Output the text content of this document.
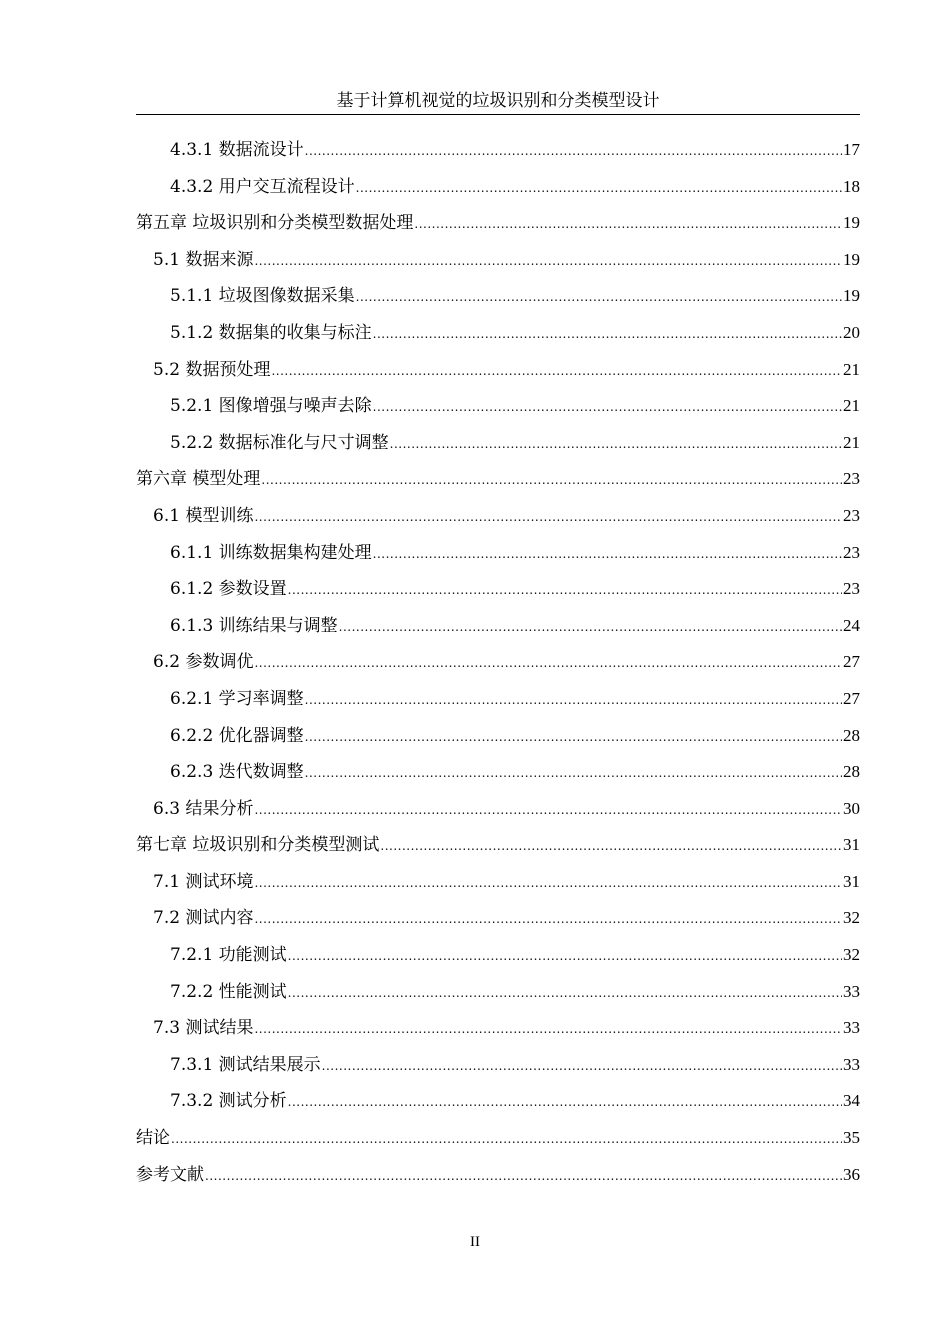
基于计算机视觉的垃圾识别和分类模型设计
4.3.1 数据流设计 .....	17
4.3.2 用户交互流程设计 .....	18
第五章 垃圾识别和分类模型数据处理 .....	19
5.1 数据来源 .....	19
5.1.1 垃圾图像数据采集 .....	19
5.1.2 数据集的收集与标注 .....	20
5.2 数据预处理 .....	21
5.2.1 图像增强与噪声去除 .....	21
5.2.2 数据标准化与尺寸调整 .....	21
第六章 模型处理 .....	23
6.1 模型训练 .....	23
6.1.1 训练数据集构建处理 .....	23
6.1.2 参数设置 .....	23
6.1.3 训练结果与调整 .....	24
6.2 参数调优 .....	27
6.2.1 学习率调整 .....	27
6.2.2 优化器调整 .....	28
6.2.3 迭代数调整 .....	28
6.3 结果分析 .....	30
第七章 垃圾识别和分类模型测试 .....	31
7.1 测试环境 .....	31
7.2 测试内容 .....	32
7.2.1 功能测试 .....	32
7.2.2 性能测试 .....	33
7.3 测试结果 .....	33
7.3.1 测试结果展示 .....	33
7.3.2 测试分析 .....	34
结论 .....	35
参考文献 .....	36
II
